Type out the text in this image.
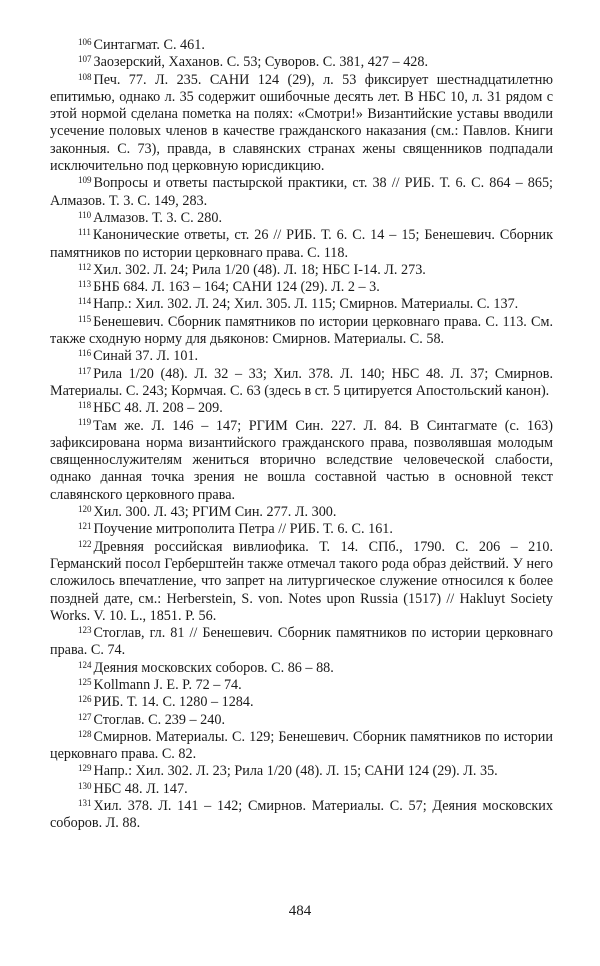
$^{106}$ Синтагмат. С. 461.

$^{107}$ Заозерский, Хаханов. С. 53; Суворов. С. 381, 427 – 428.

$^{108}$ Печ. 77. Л. 235. САНИ 124 (29), л. 53 фиксирует шестнадцатилетню епитимью, однако л. 35 содержит ошибочные десять лет. В НБС 10, л. 31 рядом с этой нормой сделана пометка на полях: «Смотри!» Византийские уставы вводили усечение половых членов в качестве гражданского наказания (см.: Павлов. Книги законныя. С. 73), правда, в славянских странах жены священников подпадали исключительно под церковную юрисдикцию.

$^{109}$ Вопросы и ответы пастырской практики, ст. 38 // РИБ. Т. 6. С. 864 – 865; Алмазов. Т. 3. С. 149, 283.

$^{110}$ Алмазов. Т. 3. С. 280.

$^{111}$ Канонические ответы, ст. 26 // РИБ. Т. 6. С. 14 – 15; Бенешевич. Сборник памятников по истории церковнаго права. С. 118.

$^{112}$ Хил. 302. Л. 24; Рила 1/20 (48). Л. 18; НБС I-14. Л. 273.

$^{113}$ БНБ 684. Л. 163 – 164; САНИ 124 (29). Л. 2 – 3.

$^{114}$ Напр.: Хил. 302. Л. 24; Хил. 305. Л. 115; Смирнов. Материалы. С. 137.

$^{115}$ Бенешевич. Сборник памятников по истории церковнаго права. С. 113. См. также сходную норму для дьяконов: Смирнов. Материалы. С. 58.

$^{116}$ Синай 37. Л. 101.

$^{117}$ Рила 1/20 (48). Л. 32 – 33; Хил. 378. Л. 140; НБС 48. Л. 37; Смирнов. Материалы. С. 243; Кормчая. С. 63 (здесь в ст. 5 цитируется Апостольский канон).

$^{118}$ НБС 48. Л. 208 – 209.

$^{119}$ Там же. Л. 146 – 147; РГИМ Син. 227. Л. 84. В Синтагмате (с. 163) зафиксирована норма византийского гражданского права, позволявшая молодым священнослужителям жениться вторично вследствие человеческой слабости, однако данная точка зрения не вошла составной частью в основной текст славянского церковного права.

$^{120}$ Хил. 300. Л. 43; РГИМ Син. 277. Л. 300.

$^{121}$ Поучение митрополита Петра // РИБ. Т. 6. С. 161.

$^{122}$ Древняя российская вивлиофика. Т. 14. СПб., 1790. С. 206 – 210. Германский посол Герберштейн также отмечал такого рода образ действий. У него сложилось впечатление, что запрет на литургическое служение относился к более поздней дате, см.: Herberstein, S. von. Notes upon Russia (1517) // Hakluyt Society Works. V. 10. L., 1851. P. 56.

$^{123}$ Стоглав, гл. 81 // Бенешевич. Сборник памятников по истории церковнаго права. С. 74.

$^{124}$ Деяния московских соборов. С. 86 – 88.

$^{125}$ Kollmann J. E. P. 72 – 74.

$^{126}$ РИБ. Т. 14. С. 1280 – 1284.

$^{127}$ Стоглав. С. 239 – 240.

$^{128}$ Смирнов. Материалы. С. 129; Бенешевич. Сборник памятников по истории церковнаго права. С. 82.

$^{129}$ Напр.: Хил. 302. Л. 23; Рила 1/20 (48). Л. 15; САНИ 124 (29). Л. 35.

$^{130}$ НБС 48. Л. 147.

$^{131}$ Хил. 378. Л. 141 – 142; Смирнов. Материалы. С. 57; Деяния московских соборов. Л. 88.

484
